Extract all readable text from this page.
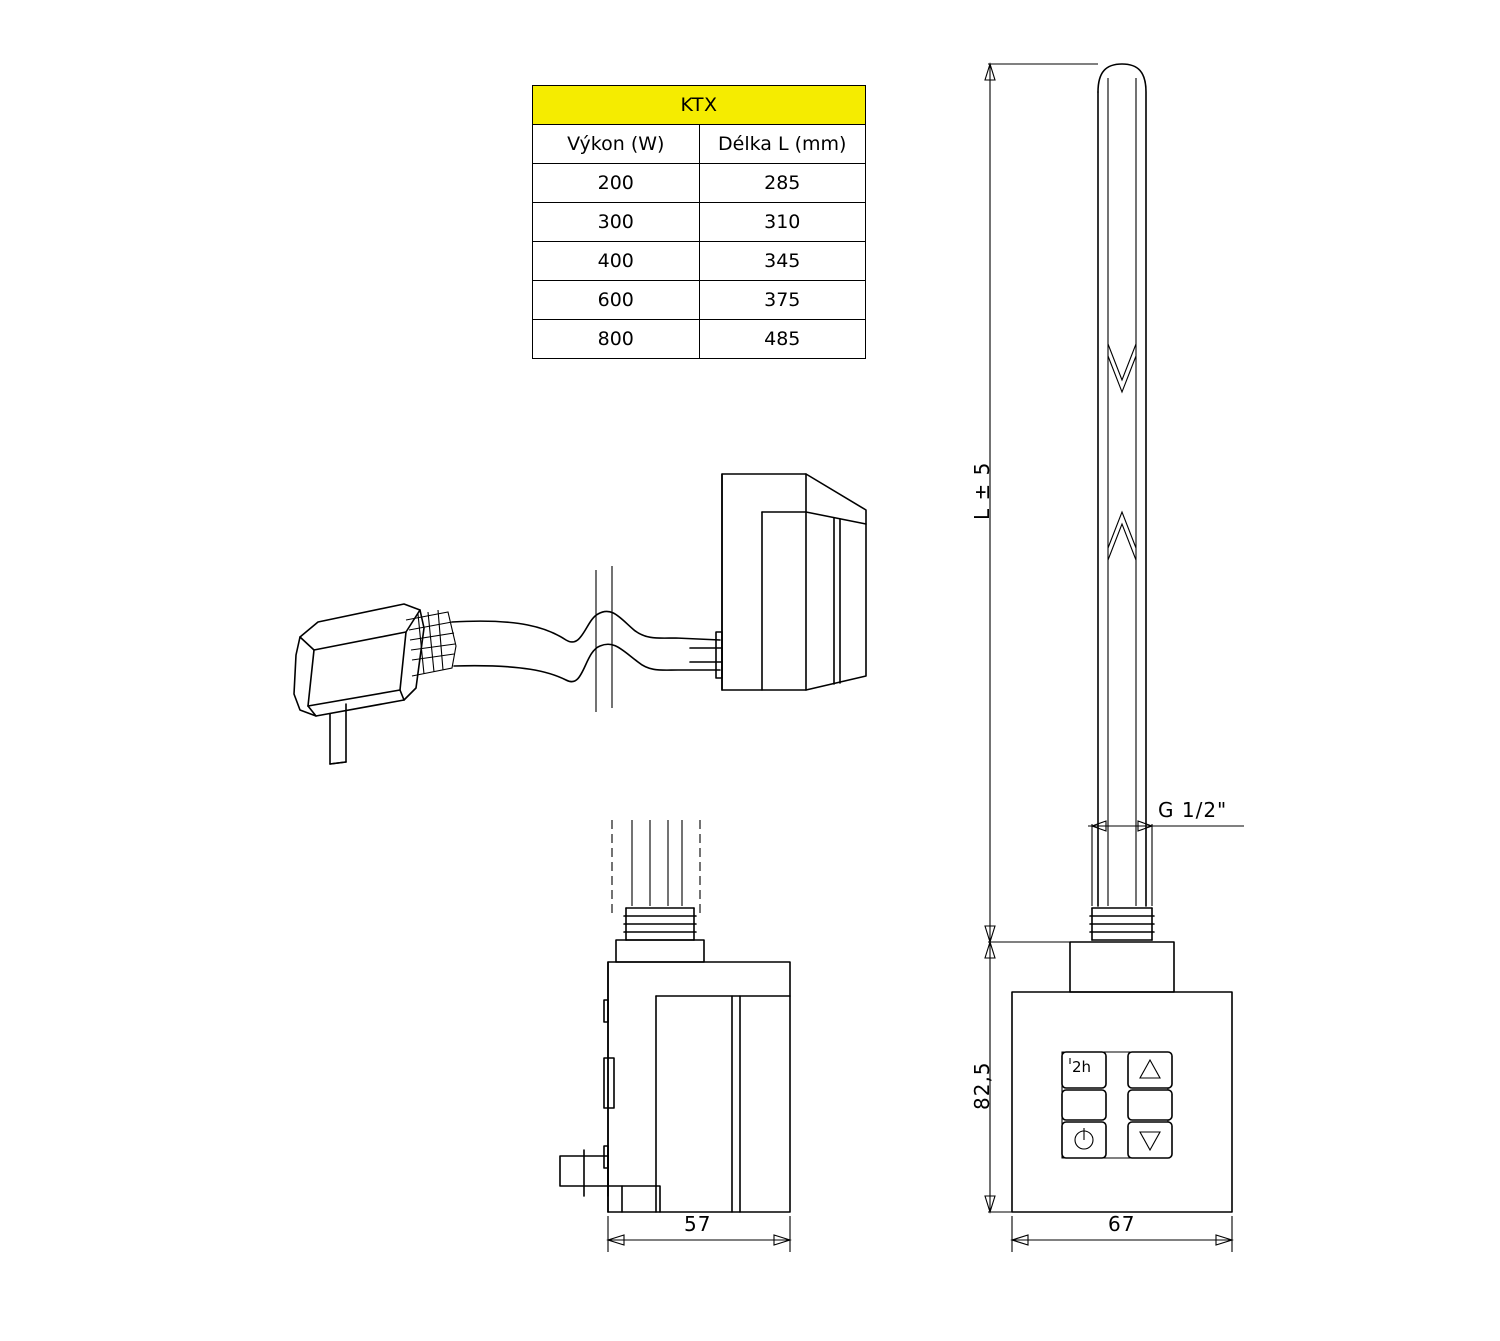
KTX	
Výkon (W)	Délka L (mm)
200	285
300	310
400	345
600	375
800	485
L ± 5
82,5
G 1/2"
67
57
2h
